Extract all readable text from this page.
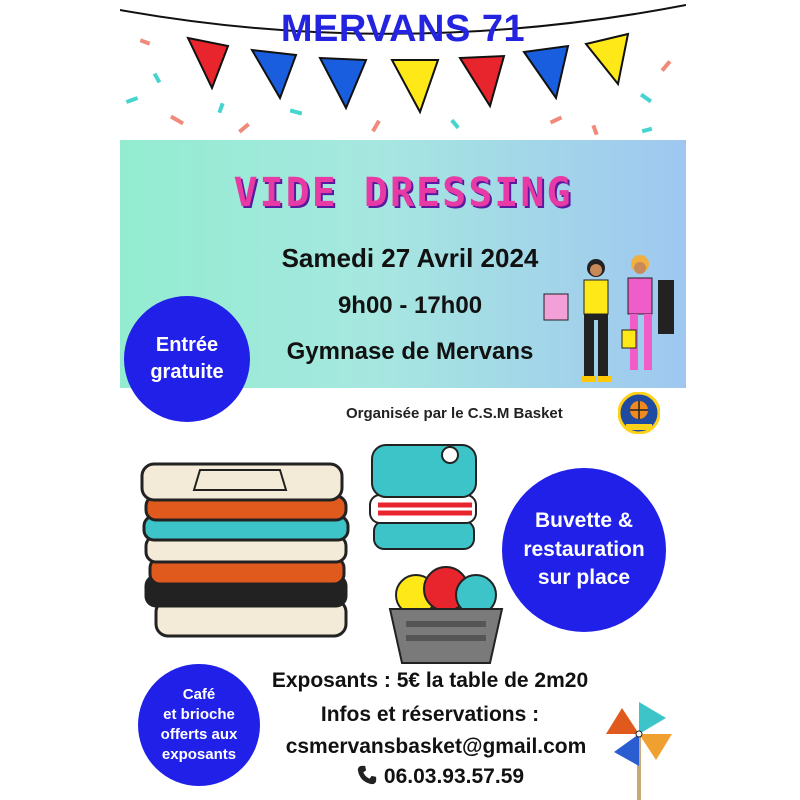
MERVANS 71
VIDE DRESSING
Samedi 27 Avril 2024
9h00 - 17h00
Gymnase de Mervans
Entrée
gratuite
Organisée par le C.S.M Basket
Buvette &
restauration
sur place
Café
et brioche
offerts aux
exposants
Exposants : 5€ la table de 2m20
Infos et réservations :
csmervansbasket@gmail.com
06.03.93.57.59
